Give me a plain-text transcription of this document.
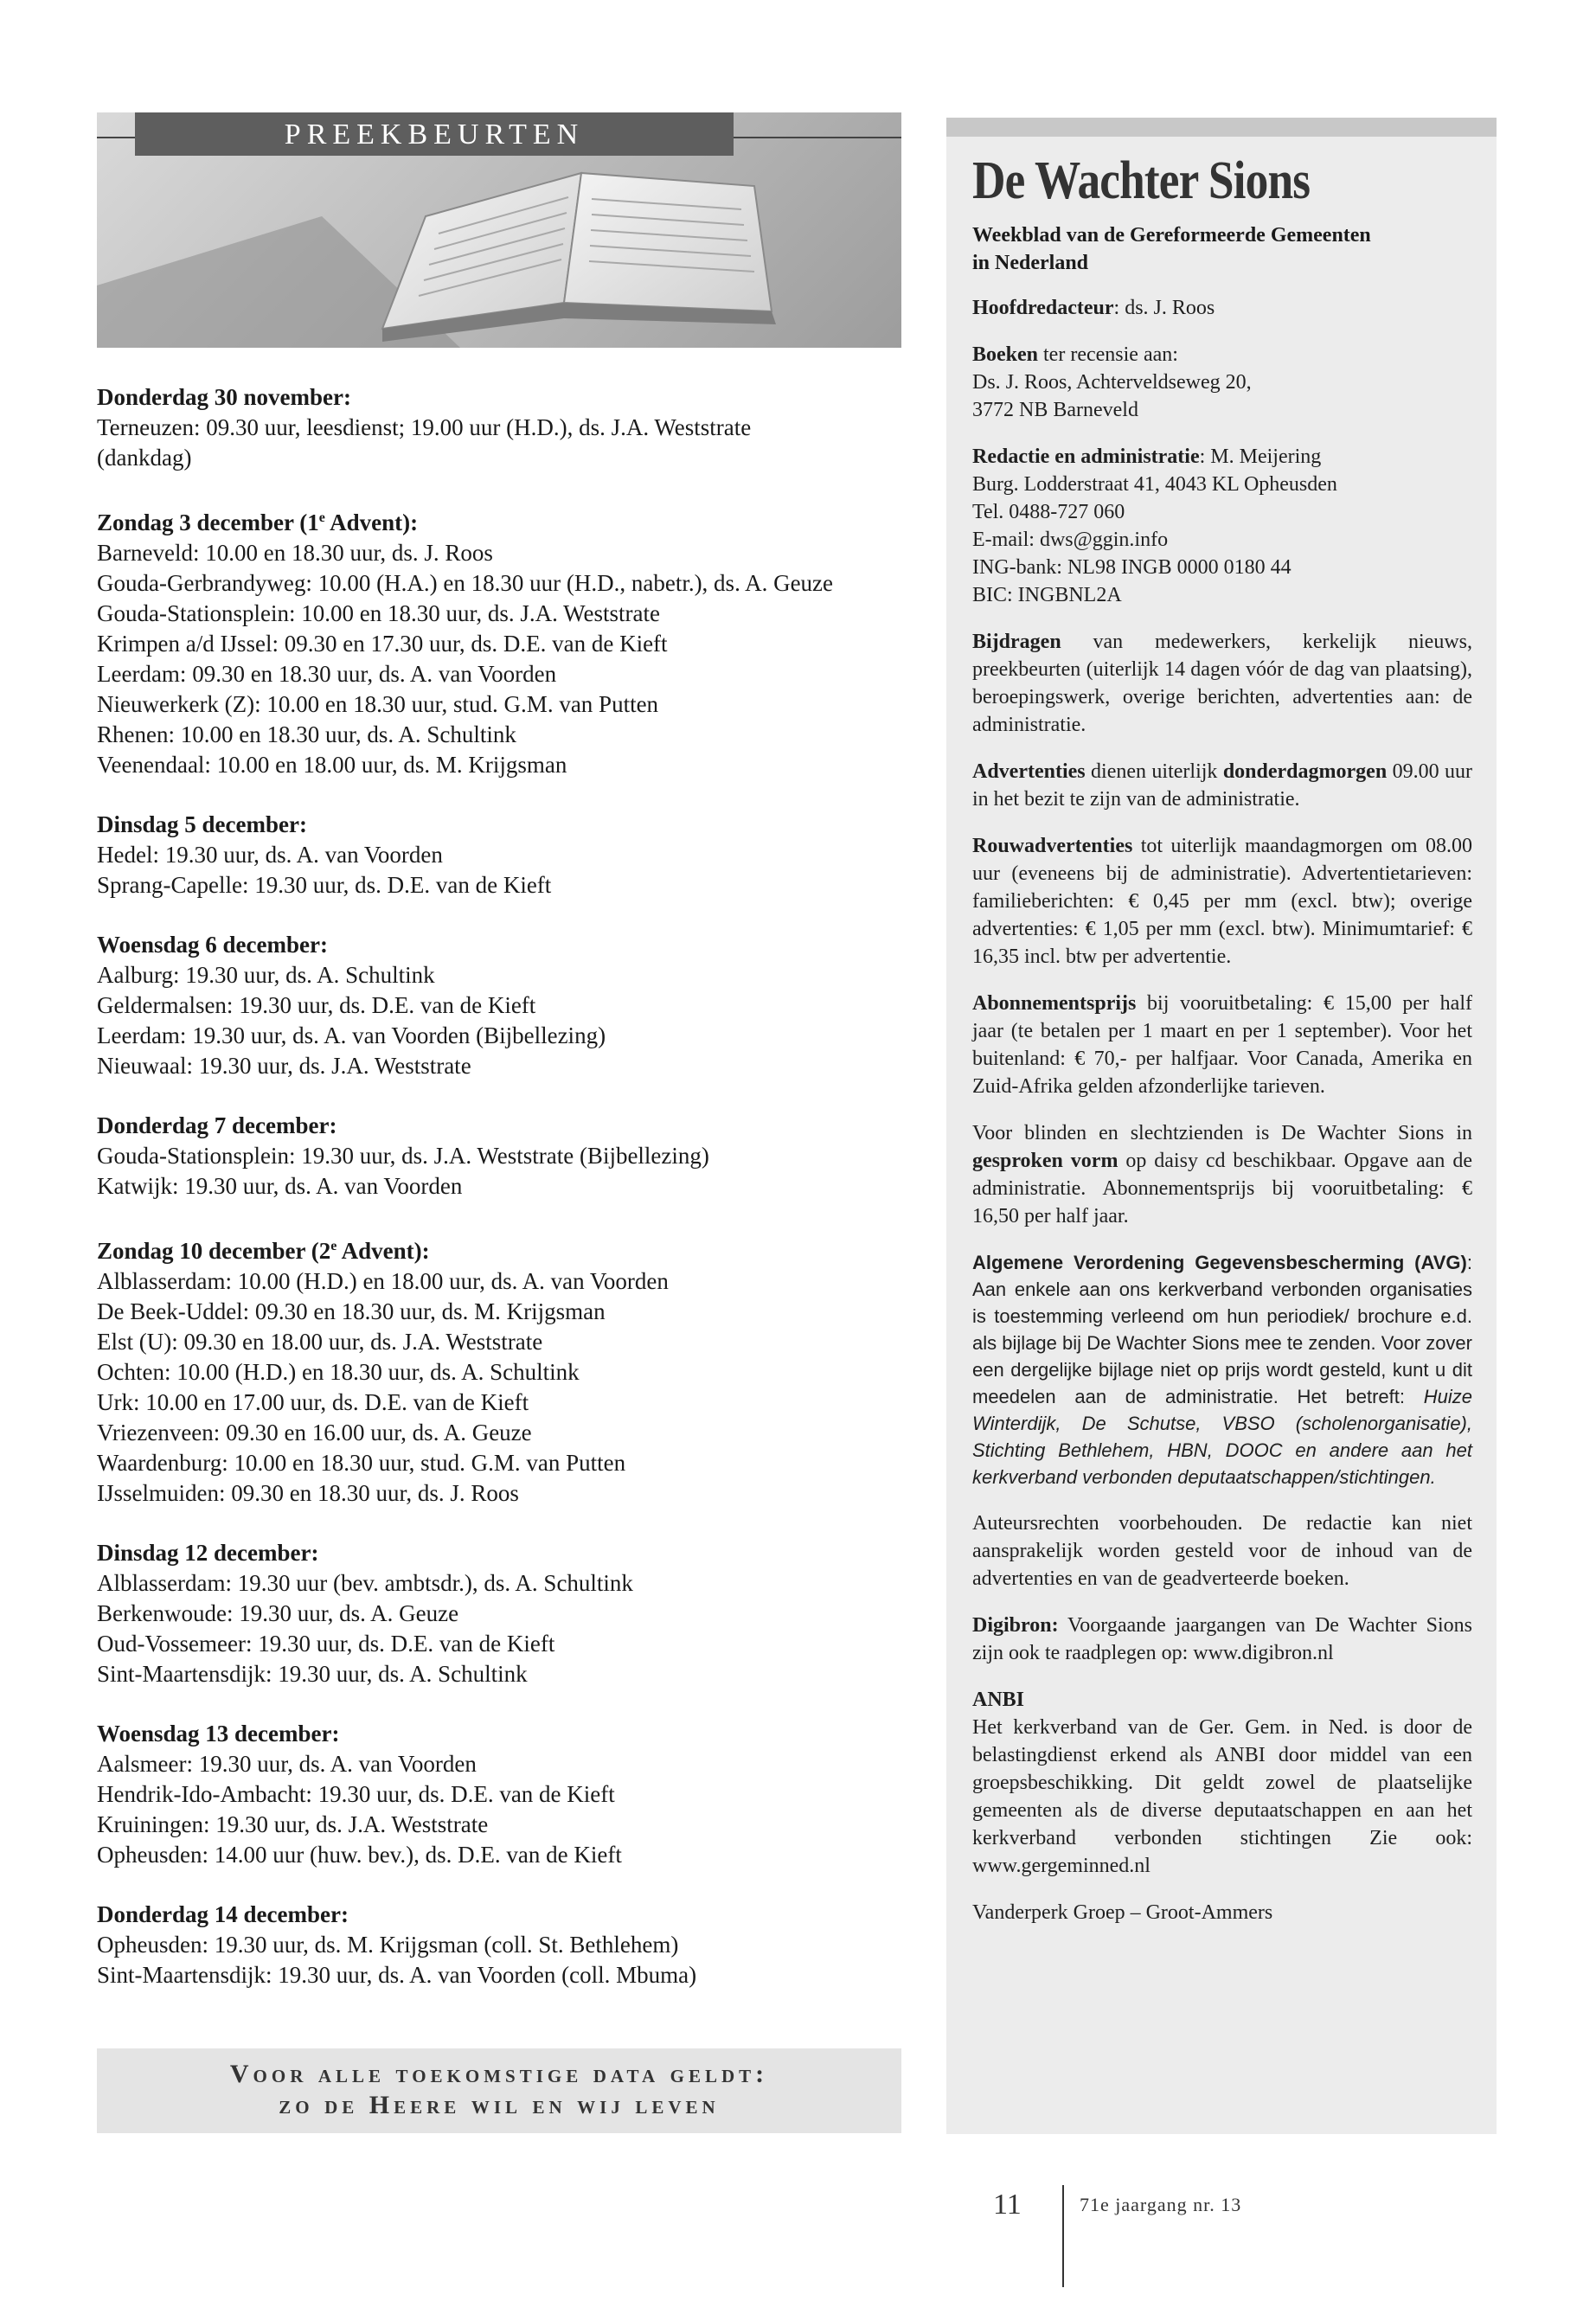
PREEKBEURTEN
Donderdag 30 november:
Terneuzen: 09.30 uur, leesdienst; 19.00 uur (H.D.), ds. J.A. Weststrate
(dankdag)
Zondag 3 december (1e Advent):
Barneveld: 10.00 en 18.30 uur, ds. J. Roos
Gouda-Gerbrandyweg: 10.00 (H.A.) en 18.30 uur (H.D., nabetr.), ds. A. Geuze
Gouda-Stationsplein: 10.00 en 18.30 uur, ds. J.A. Weststrate
Krimpen a/d IJssel: 09.30 en 17.30 uur, ds. D.E. van de Kieft
Leerdam: 09.30 en 18.30 uur, ds. A. van Voorden
Nieuwerkerk (Z): 10.00 en 18.30 uur, stud. G.M. van Putten
Rhenen: 10.00 en 18.30 uur, ds. A. Schultink
Veenendaal: 10.00 en 18.00 uur, ds. M. Krijgsman
Dinsdag 5 december:
Hedel: 19.30 uur, ds. A. van Voorden
Sprang-Capelle: 19.30 uur, ds. D.E. van de Kieft
Woensdag 6 december:
Aalburg: 19.30 uur, ds. A. Schultink
Geldermalsen: 19.30 uur, ds. D.E. van de Kieft
Leerdam: 19.30 uur, ds. A. van Voorden (Bijbellezing)
Nieuwaal: 19.30 uur, ds. J.A. Weststrate
Donderdag 7 december:
Gouda-Stationsplein: 19.30 uur, ds. J.A. Weststrate (Bijbellezing)
Katwijk: 19.30 uur, ds. A. van Voorden
Zondag 10 december (2e Advent):
Alblasserdam: 10.00 (H.D.) en 18.00 uur, ds. A. van Voorden
De Beek-Uddel: 09.30 en 18.30 uur, ds. M. Krijgsman
Elst (U): 09.30 en 18.00 uur, ds. J.A. Weststrate
Ochten: 10.00 (H.D.) en 18.30 uur, ds. A. Schultink
Urk: 10.00 en 17.00 uur, ds. D.E. van de Kieft
Vriezenveen: 09.30 en 16.00 uur, ds. A. Geuze
Waardenburg: 10.00 en 18.30 uur, stud. G.M. van Putten
IJsselmuiden: 09.30 en 18.30 uur, ds. J. Roos
Dinsdag 12 december:
Alblasserdam: 19.30 uur (bev. ambtsdr.), ds. A. Schultink
Berkenwoude: 19.30 uur, ds. A. Geuze
Oud-Vossemeer: 19.30 uur, ds. D.E. van de Kieft
Sint-Maartensdijk: 19.30 uur, ds. A. Schultink
Woensdag 13 december:
Aalsmeer: 19.30 uur, ds. A. van Voorden
Hendrik-Ido-Ambacht: 19.30 uur, ds. D.E. van de Kieft
Kruiningen: 19.30 uur, ds. J.A. Weststrate
Opheusden: 14.00 uur (huw. bev.), ds. D.E. van de Kieft
Donderdag 14 december:
Opheusden: 19.30 uur, ds. M. Krijgsman (coll. St. Bethlehem)
Sint-Maartensdijk: 19.30 uur, ds. A. van Voorden (coll. Mbuma)
Voor alle toekomstige data geldt:
zo de Heere wil en wij leven
De Wachter Sions
Weekblad van de Gereformeerde Gemeenten
in Nederland

Hoofdredacteur: ds. J. Roos

Boeken ter recensie aan:
Ds. J. Roos, Achterveldseweg 20,
3772 NB Barneveld

Redactie en administratie: M. Meijering
Burg. Lodderstraat 41, 4043 KL Opheusden
Tel. 0488-727 060
E-mail: dws@ggin.info
ING-bank: NL98 INGB 0000 0180 44
BIC: INGBNL2A

Bijdragen van medewerkers, kerkelijk nieuws, preekbeurten (uiterlijk 14 dagen vóór de dag van plaatsing), beroepingswerk, overige berichten, advertenties aan: de administratie.

Advertenties dienen uiterlijk donderdagmorgen 09.00 uur in het bezit te zijn van de administratie.

Rouwadvertenties tot uiterlijk maandagmorgen om 08.00 uur (eveneens bij de administratie). Advertentietarieven: familieberichten: € 0,45 per mm (excl. btw); overige advertenties: € 1,05 per mm (excl. btw). Minimumtarief: € 16,35 incl. btw per advertentie.

Abonnementsprijs bij vooruitbetaling: € 15,00 per half jaar (te betalen per 1 maart en per 1 september). Voor het buitenland: € 70,- per halfjaar. Voor Canada, Amerika en Zuid-Afrika gelden afzonderlijke tarieven.

Voor blinden en slechtzienden is De Wachter Sions in gesproken vorm op daisy cd beschikbaar. Opgave aan de administratie. Abonnementsprijs bij vooruitbetaling: € 16,50 per half jaar.

Algemene Verordening Gegevensbescherming (AVG): Aan enkele aan ons kerkverband verbonden organisaties is toestemming verleend om hun periodiek/ brochure e.d. als bijlage bij De Wachter Sions mee te zenden. Voor zover een dergelijke bijlage niet op prijs wordt gesteld, kunt u dit meedelen aan de administratie. Het betreft: Huize Winterdijk, De Schutse, VBSO (scholenorganisatie), Stichting Bethlehem, HBN, DOOC en andere aan het kerkverband verbonden deputaatschappen/stichtingen.

Auteursrechten voorbehouden. De redactie kan niet aansprakelijk worden gesteld voor de inhoud van de advertenties en van de geadverteerde boeken.

Digibron: Voorgaande jaargangen van De Wachter Sions zijn ook te raadplegen op: www.digibron.nl

ANBI
Het kerkverband van de Ger. Gem. in Ned. is door de belastingdienst erkend als ANBI door middel van een groepsbeschikking. Dit geldt zowel de plaatselijke gemeenten als de diverse deputaatschappen en aan het kerkverband verbonden stichtingen Zie ook: www.gergeminned.nl

Vanderperk Groep – Groot-Ammers

11	71e jaargang nr. 13
